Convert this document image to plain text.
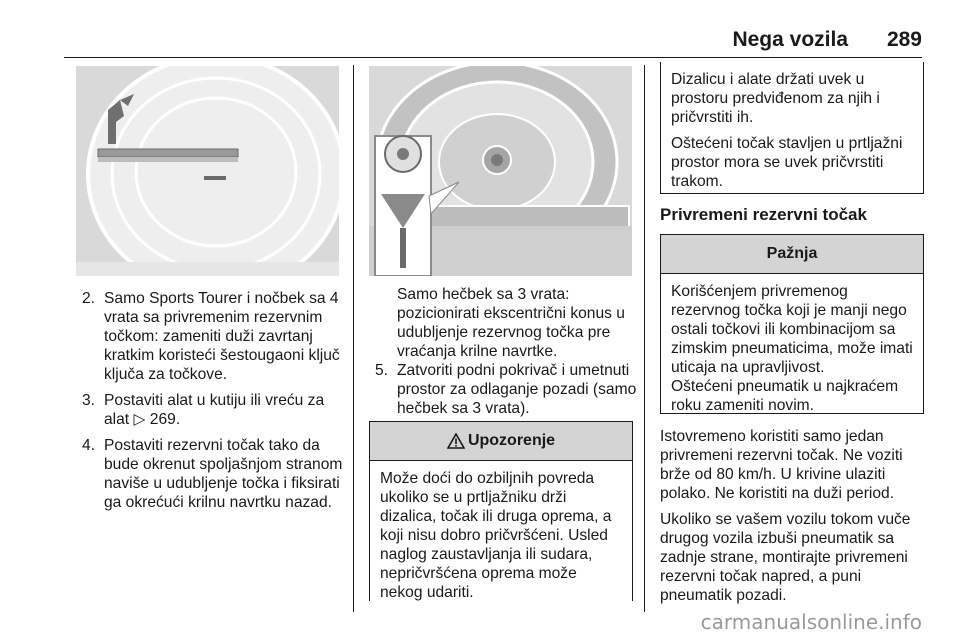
Nega vozila 289
2. Samo Sports Tourer i nočbek sa 4 vrata sa privremenim rezervnim točkom: zameniti duži zavrtanj kratkim koristeći šestougaoni ključ ključa za točkove.
3. Postaviti alat u kutiju ili vreću za alat ▷ 269.
4. Postaviti rezervni točak tako da bude okrenut spoljašnjom stranom naviše u udubljenje točka i fiksirati ga okrećući krilnu navrtku nazad.

Samo hečbek sa 3 vrata: pozicionirati ekscentrični konus u udubljenje rezervnog točka pre vraćanja krilne navrtke.

5. Zatvoriti podni pokrivač i umetnuti prostor za odlaganje pozadi (samo hečbek sa 3 vrata).
Upozorenje

Može doći do ozbiljnih povreda ukoliko se u prtljažniku drži dizalica, točak ili druga oprema, a koji nisu dobro pričvršćeni. Usled naglog zaustavljanja ili sudara, nepričvršćena oprema može nekog udariti.

Dizalicu i alate držati uvek u prostoru predviđenom za njih i pričvrstiti ih.

Oštećeni točak stavljen u prtljažni prostor mora se uvek pričvrstiti trakom.

Privremeni rezervni točak
Pažnja

Korišćenjem privremenog rezervnog točka koji je manji nego ostali točkovi ili kombinacijom sa zimskim pneumaticima, može imati uticaja na upravljivost.

Oštećeni pneumatik u najkraćem roku zameniti novim.

Istovremeno koristiti samo jedan privremeni rezervni točak. Ne voziti brže od 80 km/h. U krivine ulaziti polako. Ne koristiti na duži period.

Ukoliko se vašem vozilu tokom vuče drugog vozila izbuši pneumatik sa zadnje strane, montirajte privremeni rezervni točak napred, a puni pneumatik pozadi.

carmanualsonline.info
